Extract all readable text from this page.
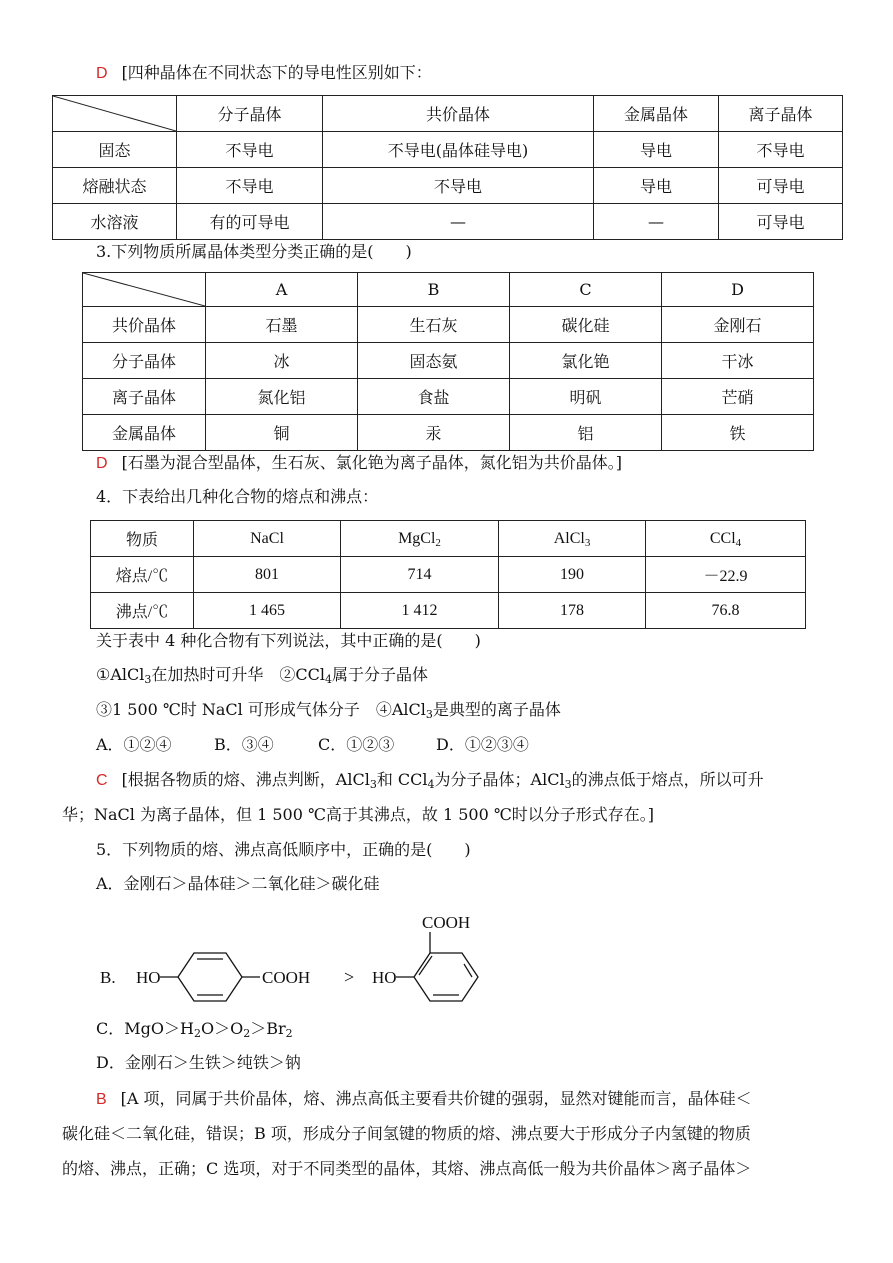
D [四种晶体在不同状态下的导电性区别如下：
	分子晶体	共价晶体	金属晶体	离子晶体
固态	不导电	不导电(晶体硅导电)	导电	不导电
熔融状态	不导电	不导电	导电	可导电
水溶液	有的可导电	—	—	可导电
3.下列物质所属晶体类型分类正确的是(　　)
	A	B	C	D
共价晶体	石墨	生石灰	碳化硅	金刚石
分子晶体	冰	固态氨	氯化铯	干冰
离子晶体	氮化铝	食盐	明矾	芒硝
金属晶体	铜	汞	铝	铁
D [石墨为混合型晶体，生石灰、氯化铯为离子晶体，氮化铝为共价晶体。]
4．下表给出几种化合物的熔点和沸点：
物质	NaCl	MgCl$_2$	AlCl$_3$	CCl$_4$
熔点/℃	801	714	190	－22.9
沸点/℃	1 465	1 412	178	76.8
关于表中 4 种化合物有下列说法，其中正确的是(　　)
①AlCl$_3$在加热时可升华　②CCl$_4$属于分子晶体
③1 500 ℃时 NaCl 可形成气体分子　④AlCl$_3$是典型的离子晶体
A．①②④	B．③④	C．①②③	D．①②③④
C [根据各物质的熔、沸点判断，AlCl$_3$和 CCl$_4$为分子晶体；AlCl$_3$的沸点低于熔点，所以可升
华；NaCl 为离子晶体，但 1 500 ℃高于其沸点，故 1 500 ℃时以分子形式存在。]
5．下列物质的熔、沸点高低顺序中，正确的是(　　)
A．金刚石＞晶体硅＞二氧化硅＞碳化硅
B. HO	COOH > HO
COOH
C．$MgO>H_2O>O_2>Br_2$
D．金刚石＞生铁＞纯铁＞钠
B [A 项，同属于共价晶体，熔、沸点高低主要看共价键的强弱，显然对键能而言，晶体硅＜
碳化硅＜二氧化硅，错误；B 项，形成分子间氢键的物质的熔、沸点要大于形成分子内氢键的物质
的熔、沸点，正确；C 选项，对于不同类型的晶体，其熔、沸点高低一般为共价晶体＞离子晶体＞
